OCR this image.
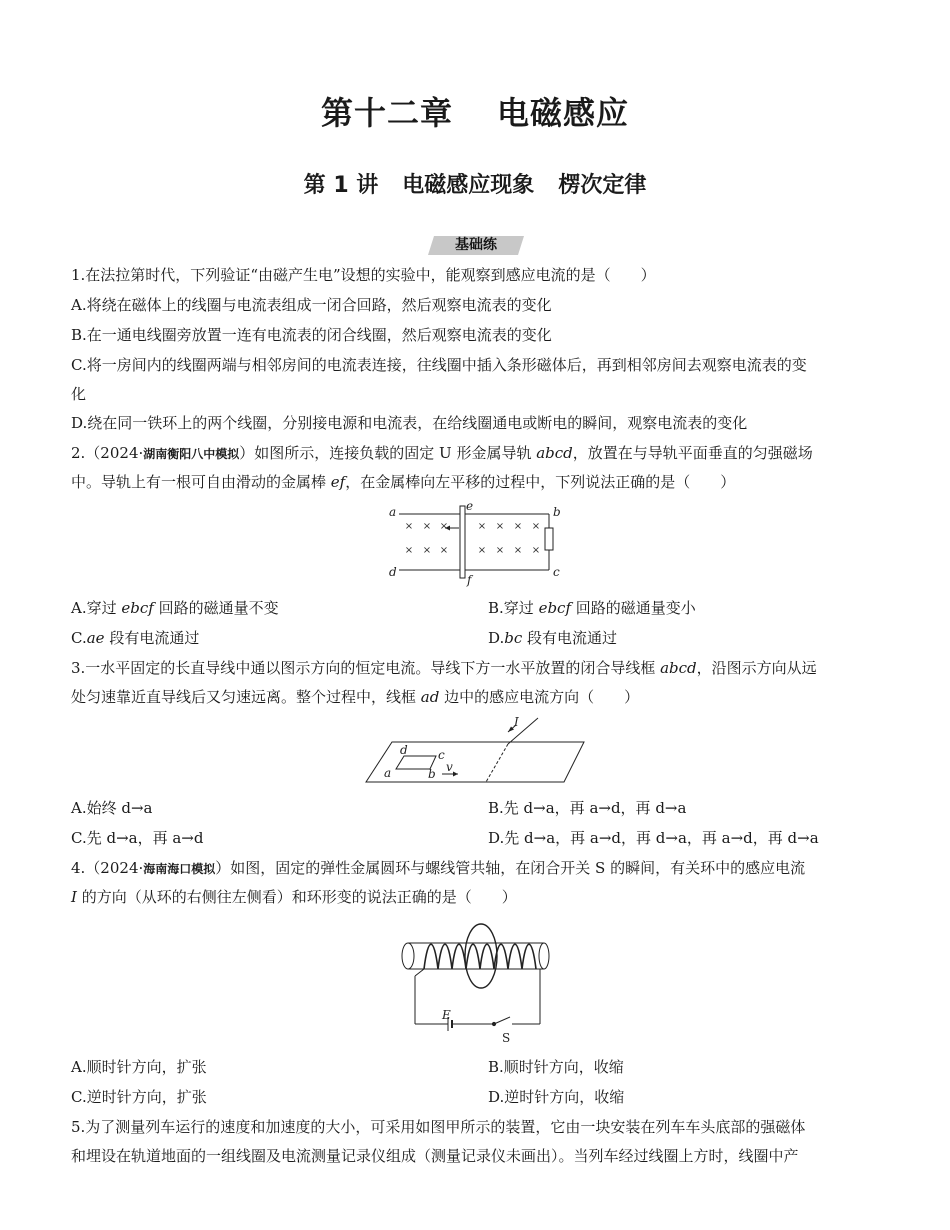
第十二章 电磁感应
第 1 讲 电磁感应现象 楞次定律
基础练
1.在法拉第时代，下列验证“由磁产生电”设想的实验中，能观察到感应电流的是（　　）
A.将绕在磁体上的线圈与电流表组成一闭合回路，然后观察电流表的变化
B.在一通电线圈旁放置一连有电流表的闭合线圈，然后观察电流表的变化
C.将一房间内的线圈两端与相邻房间的电流表连接，往线圈中插入条形磁体后，再到相邻房间去观察电流表的变
化
D.绕在同一铁环上的两个线圈，分别接电源和电流表，在给线圈通电或断电的瞬间，观察电流表的变化
2.（2024·湖南衡阳八中模拟）如图所示，连接负载的固定 U 形金属导轨 abcd，放置在与导轨平面垂直的匀强磁场
中。导轨上有一根可自由滑动的金属棒 ef，在金属棒向左平移的过程中，下列说法正确的是（　　）
× × ×	× × × ×
× × ×	× × × ×
a	b
c
d
e
f
A.穿过 ebcf 回路的磁通量不变	B.穿过 ebcf 回路的磁通量变小
C.ae 段有电流通过	D.bc 段有电流通过
3.一水平固定的长直导线中通以图示方向的恒定电流。导线下方一水平放置的闭合导线框 abcd，沿图示方向从远
处匀速靠近直导线后又匀速远离。整个过程中，线框 ad 边中的感应电流方向（　　）
I
d	c
a	b v
A.始终 d→a	B.先 d→a，再 a→d，再 d→a
C.先 d→a，再 a→d	D.先 d→a，再 a→d，再 d→a，再 a→d，再 d→a
4.（2024·海南海口模拟）如图，固定的弹性金属圆环与螺线管共轴，在闭合开关 S 的瞬间，有关环中的感应电流
I 的方向（从环的右侧往左侧看）和环形变的说法正确的是（　　）
E
S
A.顺时针方向，扩张	B.顺时针方向，收缩
C.逆时针方向，扩张	D.逆时针方向，收缩
5.为了测量列车运行的速度和加速度的大小，可采用如图甲所示的装置，它由一块安装在列车车头底部的强磁体
和埋设在轨道地面的一组线圈及电流测量记录仪组成（测量记录仪未画出）。当列车经过线圈上方时，线圈中产
